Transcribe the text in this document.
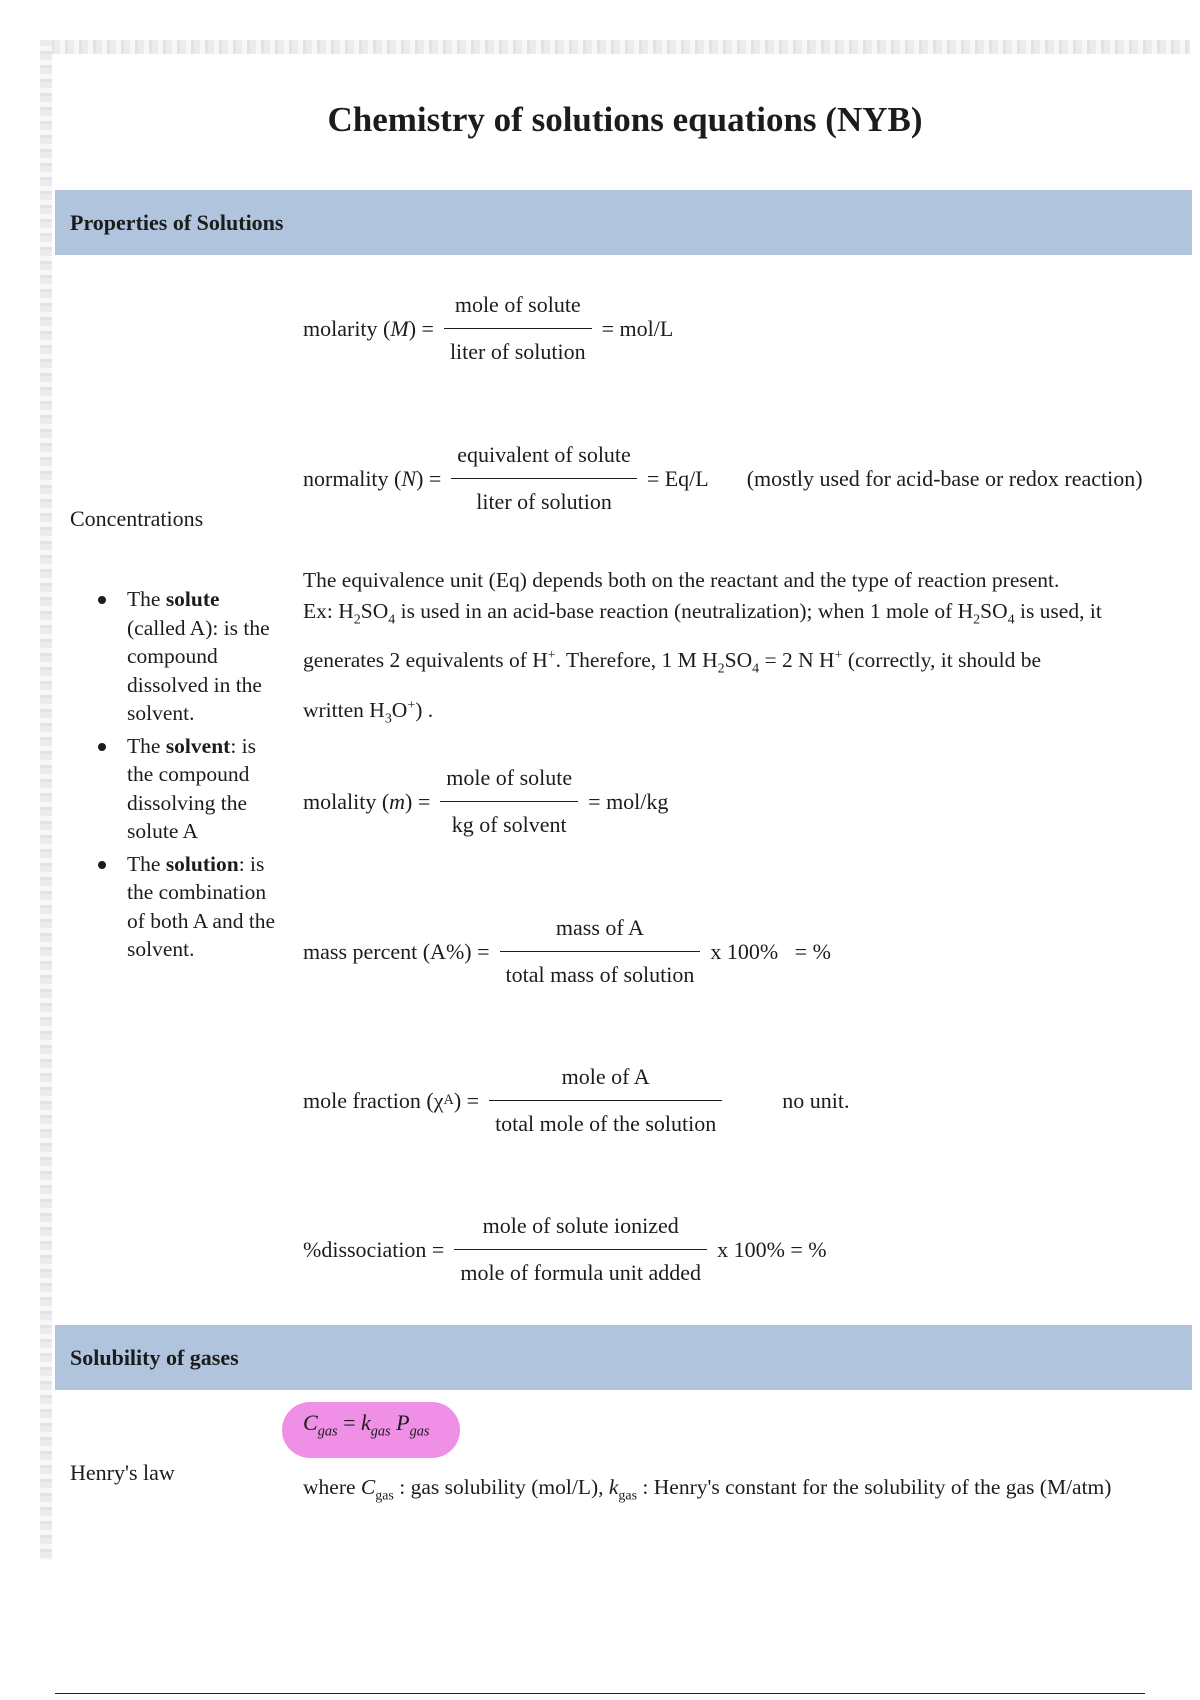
Chemistry of solutions equations (NYB)
Properties of Solutions
molarity ( M ) = $\frac{\text{mole of solute}}{\text{liter of solution}} = mol/L$
normality ( N ) = $\frac{\text{equivalent of solute}}{\text{liter of solution}} = Eq/L$ (mostly used for acid-base or redox reaction)
Concentrations
The solute (called A): is the compound dissolved in the solvent.
The solvent: is the compound dissolving the solute A
The solution: is the combination of both A and the solvent.
The equivalence unit (Eq) depends both on the reactant and the type of reaction present.
Ex: $H_2SO_4$ is used in an acid-base reaction (neutralization); when 1 mole of $H_2SO_4$ is used, it
generates 2 equivalents of H+. Therefore, 1 M $H_2SO_4 = 2$ N H+ (correctly, it should be
written $H_3O^+$) .
molality ( m ) = $\frac{\text{mole of solute}}{\text{kg of solvent}} = mol/kg$
mass percent $(A\%) = \frac{\text{mass of A}}{\text{total mass of solution}}$ x 100%   = %
mole fraction (χ A ) = $\frac{\text{mole of A}}{\text{total mole of the solution}}$	no unit.
%dissociation = $\frac{\text{mole of solute ionized}}{\text{mole of formula unit added}}$ x 100% = %
Solubility of gases
$C_{gas} = k_{gas}$ $P_{gas}$
Henry's law
where $C_{gas}$ : gas solubility (mol/L), $k_{gas}$ : Henry's constant for the solubility of the gas (M/atm)
